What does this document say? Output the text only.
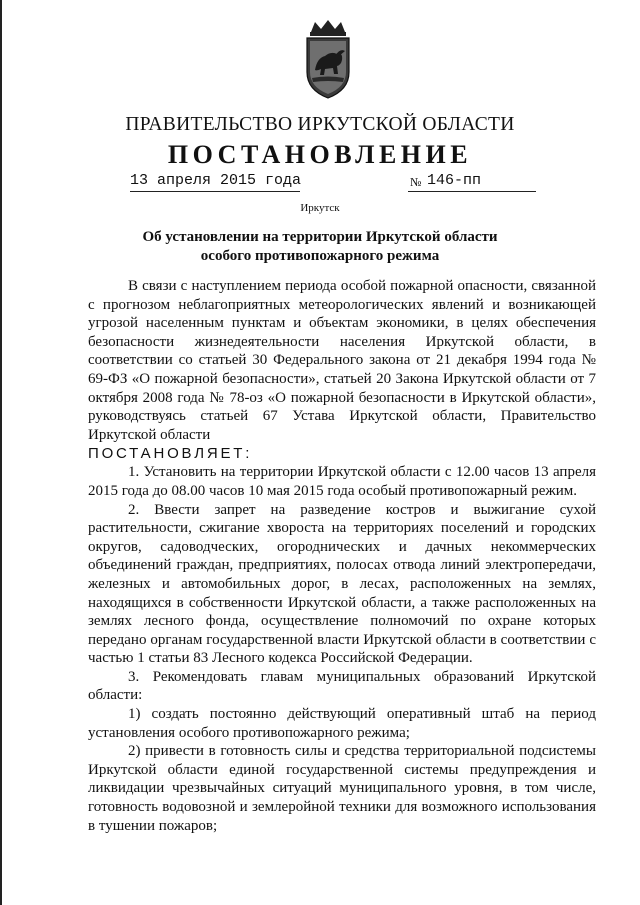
ПРАВИТЕЛЬСТВО ИРКУТСКОЙ ОБЛАСТИ
ПОСТАНОВЛЕНИЕ
13 апреля 2015 года	№ 146-пп
Иркутск
Об установлении на территории Иркутской области особого противопожарного режима

В связи с наступлением периода особой пожарной опасности, связанной с прогнозом неблагоприятных метеорологических явлений и возникающей угрозой населенным пунктам и объектам экономики, в целях обеспечения безопасности жизнедеятельности населения Иркутской области, в соответствии со статьей 30 Федерального закона от 21 декабря 1994 года № 69-ФЗ «О пожарной безопасности», статьей 20 Закона Иркутской области от 7 октября 2008 года № 78-оз «О пожарной безопасности в Иркутской области», руководствуясь статьей 67 Устава Иркутской области, Правительство Иркутской области

ПОСТАНОВЛЯЕТ:

1. Установить на территории Иркутской области с 12.00 часов 13 апреля 2015 года до 08.00 часов 10 мая 2015 года особый противопожарный режим.

2. Ввести запрет на разведение костров и выжигание сухой растительности, сжигание хвороста на территориях поселений и городских округов, садоводческих, огороднических и дачных некоммерческих объединений граждан, предприятиях, полосах отвода линий электропередачи, железных и автомобильных дорог, в лесах, расположенных на землях, находящихся в собственности Иркутской области, а также расположенных на землях лесного фонда, осуществление полномочий по охране которых передано органам государственной власти Иркутской области в соответствии с частью 1 статьи 83 Лесного кодекса Российской Федерации.

3. Рекомендовать главам муниципальных образований Иркутской области:

1) создать постоянно действующий оперативный штаб на период установления особого противопожарного режима;

2) привести в готовность силы и средства территориальной подсистемы Иркутской области единой государственной системы предупреждения и ликвидации чрезвычайных ситуаций муниципального уровня, в том числе, готовность водовозной и землеройной техники для возможного использования в тушении пожаров;
